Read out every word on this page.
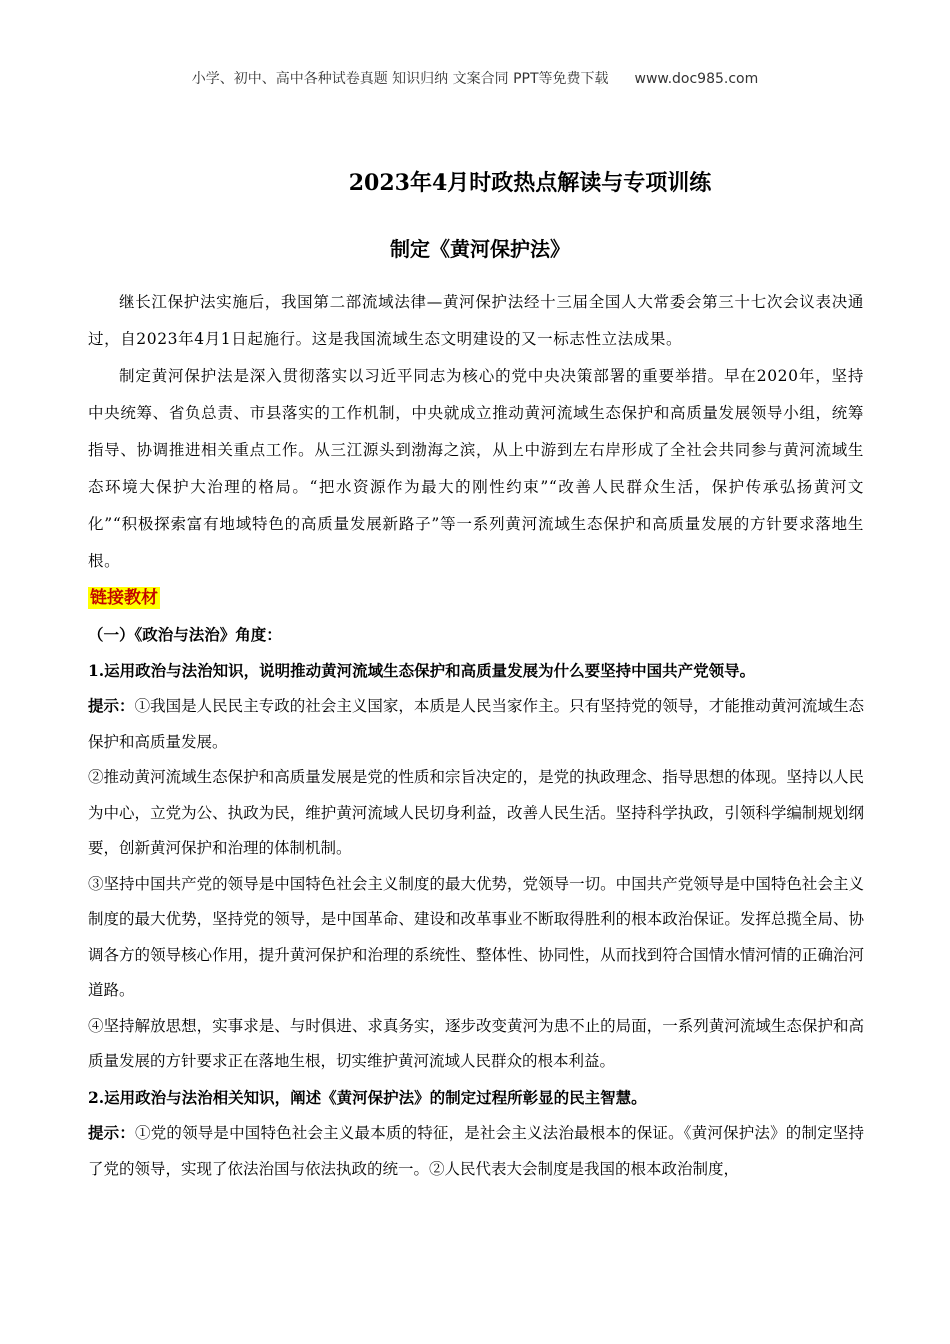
小学、初中、高中各种试卷真题 知识归纳 文案合同 PPT等免费下载 www.doc985.com
2023年4月时政热点解读与专项训练
制定《黄河保护法》

继长江保护法实施后，我国第二部流域法律—黄河保护法经十三届全国人大常委会第三十七次会议表决通过，自2023年4月1日起施行。这是我国流域生态文明建设的又一标志性立法成果。

制定黄河保护法是深入贯彻落实以习近平同志为核心的党中央决策部署的重要举措。早在2020年，坚持中央统筹、省负总责、市县落实的工作机制，中央就成立推动黄河流域生态保护和高质量发展领导小组，统筹指导、协调推进相关重点工作。从三江源头到渤海之滨，从上中游到左右岸形成了全社会共同参与黄河流域生态环境大保护大治理的格局。“把水资源作为最大的刚性约束”“改善人民群众生活，保护传承弘扬黄河文化”“积极探索富有地域特色的高质量发展新路子”等一系列黄河流域生态保护和高质量发展的方针要求落地生根。

链接教材

（一）《政治与法治》角度：

1.运用政治与法治知识，说明推动黄河流域生态保护和高质量发展为什么要坚持中国共产党领导。

提示：①我国是人民民主专政的社会主义国家，本质是人民当家作主。只有坚持党的领导，才能推动黄河流域生态保护和高质量发展。

②推动黄河流域生态保护和高质量发展是党的性质和宗旨决定的，是党的执政理念、指导思想的体现。坚持以人民为中心，立党为公、执政为民，维护黄河流域人民切身利益，改善人民生活。坚持科学执政，引领科学编制规划纲要，创新黄河保护和治理的体制机制。

③坚持中国共产党的领导是中国特色社会主义制度的最大优势，党领导一切。中国共产党领导是中国特色社会主义制度的最大优势，坚持党的领导，是中国革命、建设和改革事业不断取得胜利的根本政治保证。发挥总揽全局、协调各方的领导核心作用，提升黄河保护和治理的系统性、整体性、协同性，从而找到符合国情水情河情的正确治河道路。

④坚持解放思想，实事求是、与时俱进、求真务实，逐步改变黄河为患不止的局面，一系列黄河流域生态保护和高质量发展的方针要求正在落地生根，切实维护黄河流域人民群众的根本利益。

2.运用政治与法治相关知识，阐述《黄河保护法》的制定过程所彰显的民主智慧。

提示：①党的领导是中国特色社会主义最本质的特征，是社会主义法治最根本的保证。《黄河保护法》的制定坚持了党的领导，实现了依法治国与依法执政的统一。②人民代表大会制度是我国的根本政治制度，
